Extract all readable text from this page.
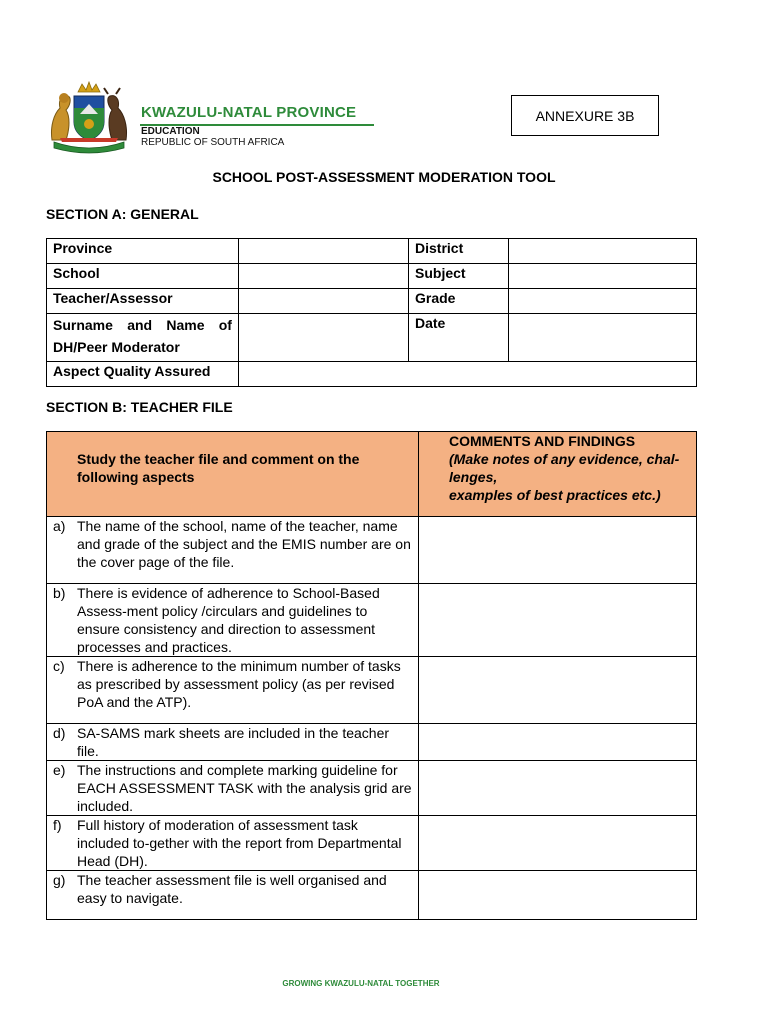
KWAZULU-NATAL PROVINCE
EDUCATION
REPUBLIC OF SOUTH AFRICA
ANNEXURE 3B
SCHOOL POST-ASSESSMENT MODERATION TOOL
SECTION A: GENERAL
Province		District	
School		Subject	
Teacher/Assessor		Grade	

Surname and Name of
DH/Peer Moderator		Date	
Aspect Quality Assured			
SECTION B: TEACHER FILE
Study the teacher file and comment on the following aspects	COMMENTS AND FINDINGS
(Make notes of any evidence, chal-
lenges,
examples of best practices etc.)

a) The name of the school, name of the teacher, name and grade of the subject and the EMIS number are on the cover page of the file.	

b) There is evidence of adherence to School-Based Assess-ment policy /circulars and guidelines to ensure consistency and direction to assessment processes and practices.	

c) There is adherence to the minimum number of tasks as prescribed by assessment policy (as per revised PoA and the ATP).	

d) SA-SAMS mark sheets are included in the teacher file.	

e) The instructions and complete marking guideline for EACH ASSESSMENT TASK with the analysis grid are included.	

f) Full history of moderation of assessment task included to-gether with the report from Departmental Head (DH).	

g) The teacher assessment file is well organised and easy to navigate.	

GROWING KWAZULU-NATAL TOGETHER
